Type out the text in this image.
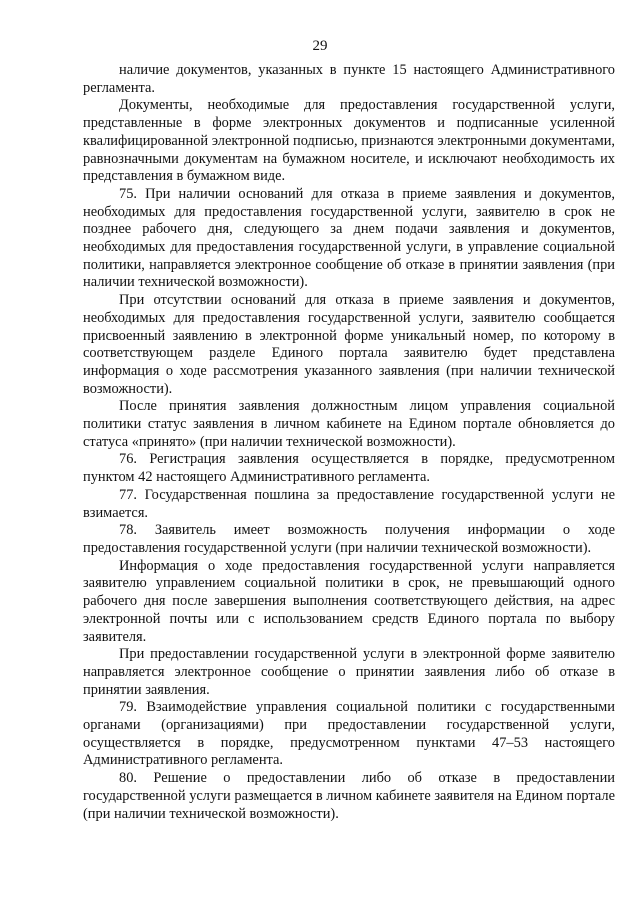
29

наличие документов, указанных в пункте 15 настоящего Административного регламента.

Документы, необходимые для предоставления государственной услуги, представленные в форме электронных документов и подписанные усиленной квалифицированной электронной подписью, признаются электронными документами, равнозначными документам на бумажном носителе, и исключают необходимость их представления в бумажном виде.

75. При наличии оснований для отказа в приеме заявления и документов, необходимых для предоставления государственной услуги, заявителю в срок не позднее рабочего дня, следующего за днем подачи заявления и документов, необходимых для предоставления государственной услуги, в управление социальной политики, направляется электронное сообщение об отказе в принятии заявления (при наличии технической возможности).

При отсутствии оснований для отказа в приеме заявления и документов, необходимых для предоставления государственной услуги, заявителю сообщается присвоенный заявлению в электронной форме уникальный номер, по которому в соответствующем разделе Единого портала заявителю будет представлена информация о ходе рассмотрения указанного заявления (при наличии технической возможности).

После принятия заявления должностным лицом управления социальной политики статус заявления в личном кабинете на Едином портале обновляется до статуса «принято» (при наличии технической возможности).

76. Регистрация заявления осуществляется в порядке, предусмотренном пунктом 42 настоящего Административного регламента.

77. Государственная пошлина за предоставление государственной услуги не взимается.

78. Заявитель имеет возможность получения информации о ходе предоставления государственной услуги (при наличии технической возможности).

Информация о ходе предоставления государственной услуги направляется заявителю управлением социальной политики в срок, не превышающий одного рабочего дня после завершения выполнения соответствующего действия, на адрес электронной почты или с использованием средств Единого портала по выбору заявителя.

При предоставлении государственной услуги в электронной форме заявителю направляется электронное сообщение о принятии заявления либо об отказе в принятии заявления.

79. Взаимодействие управления социальной политики с государственными органами (организациями) при предоставлении государственной услуги, осуществляется в порядке, предусмотренном пунктами 47–53 настоящего Административного регламента.

80. Решение о предоставлении либо об отказе в предоставлении государственной услуги размещается в личном кабинете заявителя на Едином портале (при наличии технической возможности).
